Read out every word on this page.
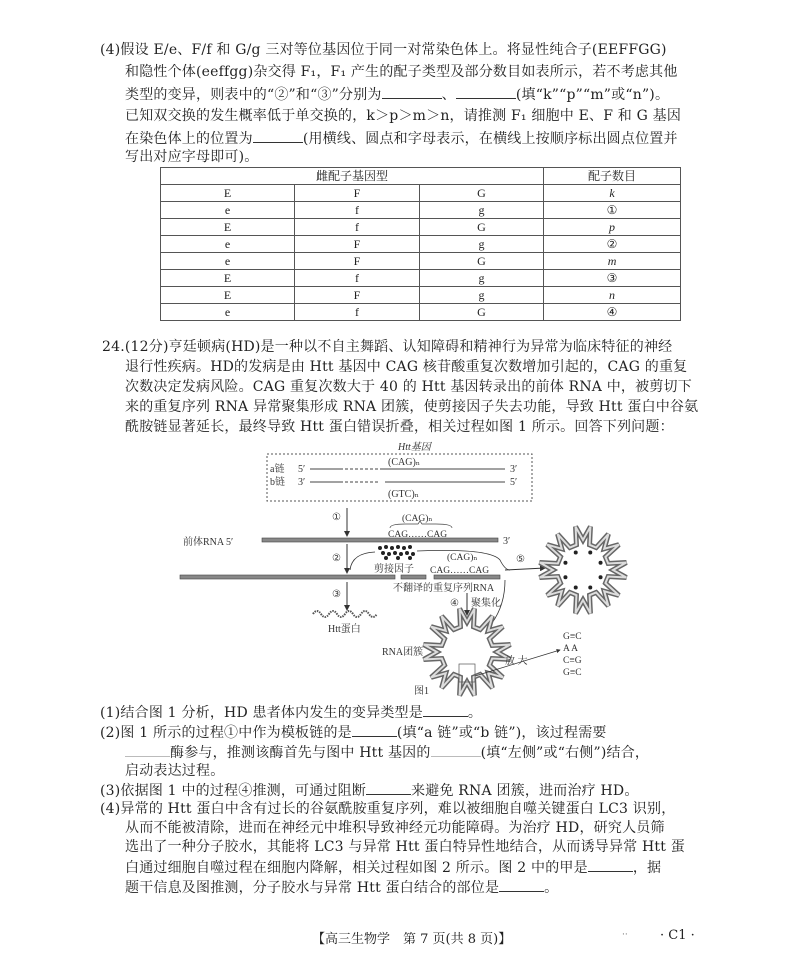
(4)假设 E/e、F/f 和 G/g 三对等位基因位于同一对常染色体上。将显性纯合子(EEFFGG)
和隐性个体(eeffgg)杂交得 F₁，F₁ 产生的配子类型及部分数目如表所示，若不考虑其他
类型的变异，则表中的“②”和“③”分别为	、	(填“k”“p”“m”或“n”)。
已知双交换的发生概率低于单交换的，k＞p＞m＞n，请推测 F₁ 细胞中 E、F 和 G 基因
在染色体上的位置为	(用横线、圆点和字母表示，在横线上按顺序标出圆点位置并
写出对应字母即可)。
雌配子基因型			配子数目
E	F	G	k
e	f	g	①
E	f	G	p
e	F	g	②
e	F	G	m
E	f	g	③
E	F	g	n
e	f	G	④
24.(12分)亨廷顿病(HD)是一种以不自主舞蹈、认知障碍和精神行为异常为临床特征的神经
退行性疾病。HD的发病是由 Htt 基因中 CAG 核苷酸重复次数增加引起的，CAG 的重复
次数决定发病风险。CAG 重复次数大于 40 的 Htt 基因转录出的前体 RNA 中，被剪切下
来的重复序列 RNA 异常聚集形成 RNA 团簇，使剪接因子失去功能，导致 Htt 蛋白中谷氨
酰胺链显著延长，最终导致 Htt 蛋白错误折叠，相关过程如图 1 所示。回答下列问题：
Htt基因
a链
b链
5′
3′
3′
5′
(CAG)ₙ
(GTC)ₙ
①
前体RNA 5′	3′
(CAG)ₙ
CAG……CAG
②
剪接因子
(CAG)ₙ
CAG……CAG
不翻译的重复序列RNA
③
Htt蛋白
④ 聚集化
⑤
RNA团簇
放 大
G≡C
A A
C≡G
G≡C
图1
(1)结合图 1 分析，HD 患者体内发生的变异类型是	。
(2)图 1 所示的过程①中作为模板链的是	(填“a 链”或“b 链”)，该过程需要
酶参与，推测该酶首先与图中 Htt 基因的	(填“左侧”或“右侧”)结合，
启动表达过程。
(3)依据图 1 中的过程④推测，可通过阻断	来避免 RNA 团簇，进而治疗 HD。
(4)异常的 Htt 蛋白中含有过长的谷氨酰胺重复序列，难以被细胞自噬关键蛋白 LC3 识别，
从而不能被清除，进而在神经元中堆积导致神经元功能障碍。为治疗 HD，研究人员筛
选出了一种分子胶水，其能将 LC3 与异常 Htt 蛋白特异性地结合，从而诱导异常 Htt 蛋
白通过细胞自噬过程在细胞内降解，相关过程如图 2 所示。图 2 中的甲是	，据
题干信息及图推测，分子胶水与异常 Htt 蛋白结合的部位是	。
【高三生物学　第 7 页(共 8 页)】	·· · C1 ·
